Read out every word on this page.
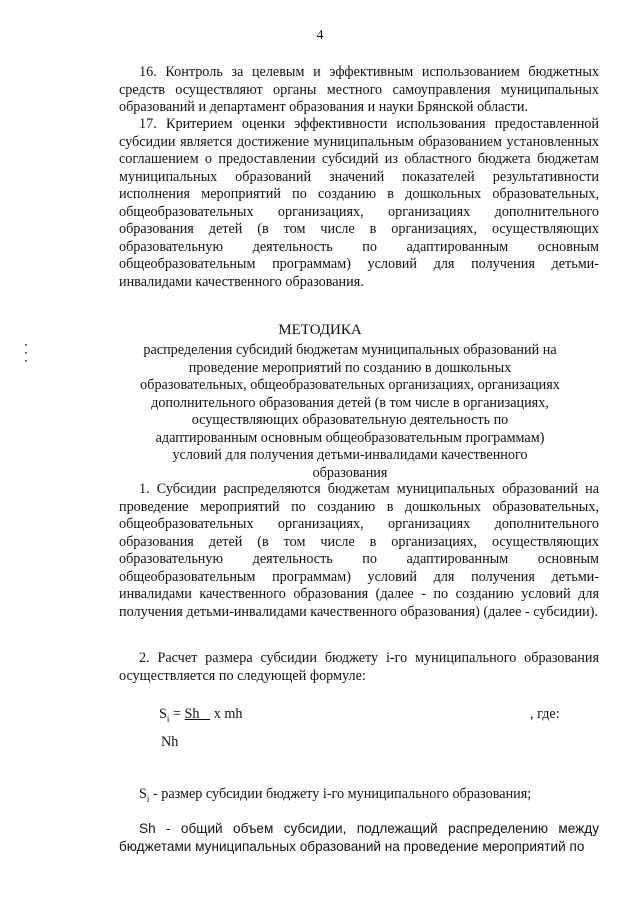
4

16. Контроль за целевым и эффективным использованием бюджетных средств осуществляют органы местного самоуправления муниципальных образований и департамент образования и науки Брянской области.

17. Критерием оценки эффективности использования предоставленной субсидии является достижение муниципальным образованием установленных соглашением о предоставлении субсидий из областного бюджета бюджетам муниципальных образований значений показателей результативности исполнения мероприятий по созданию в дошкольных образовательных, общеобразовательных организациях, организациях дополнительного образования детей (в том числе в организациях, осуществляющих образовательную деятельность по адаптированным основным общеобразовательным программам) условий для получения детьми-инвалидами качественного образования.

МЕТОДИКА

распределения субсидий бюджетам муниципальных образований на проведение мероприятий по созданию в дошкольных образовательных, общеобразовательных организациях, организациях дополнительного образования детей (в том числе в организациях, осуществляющих образовательную деятельность по адаптированным основным общеобразовательным программам) условий для получения детьми-инвалидами качественного образования

1. Субсидии распределяются бюджетам муниципальных образований на проведение мероприятий по созданию в дошкольных образовательных, общеобразовательных организациях, организациях дополнительного образования детей (в том числе в организациях, осуществляющих образовательную деятельность по адаптированным основным общеобразовательным программам) условий для получения детьми-инвалидами качественного образования (далее - по созданию условий для получения детьми-инвалидами качественного образования) (далее - субсидии).

2. Расчет размера субсидии бюджету i-го муниципального образования осуществляется по следующей формуле:

$S_i = Sh$    x mh	, где:
Nh

$S_i$ - размер субсидии бюджету i-го муниципального образования;

Sh - общий объем субсидии, подлежащий распределению между бюджетами муниципальных образований на проведение мероприятий по
